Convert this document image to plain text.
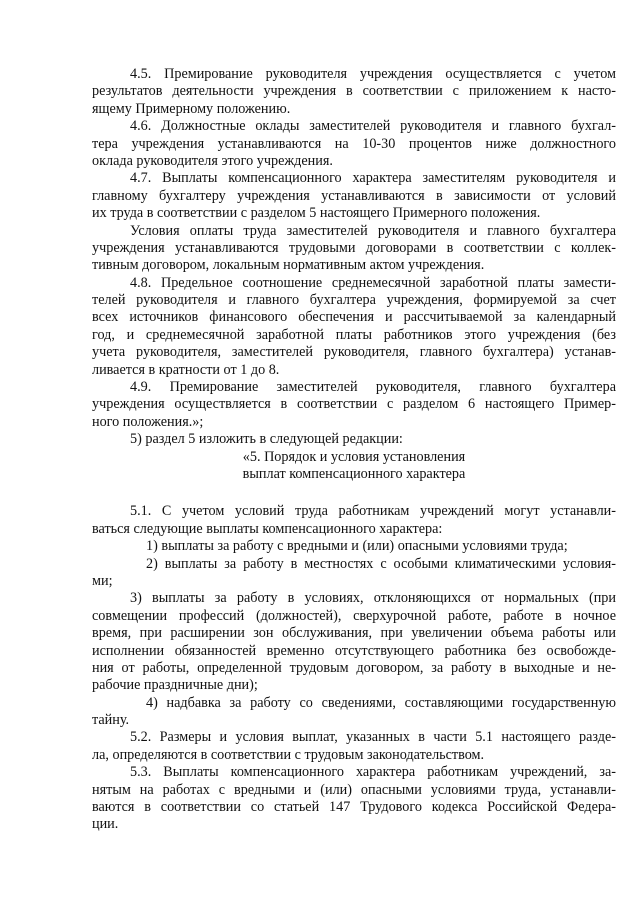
4.5. Премирование руководителя учреждения осуществляется с учетом
результатов деятельности учреждения в соответствии с приложением к насто-
ящему Примерному положению.
4.6. Должностные оклады заместителей руководителя и главного бухгал-
тера учреждения устанавливаются на 10-30 процентов ниже должностного
оклада руководителя этого учреждения.
4.7. Выплаты компенсационного характера заместителям руководителя и
главному бухгалтеру учреждения устанавливаются в зависимости от условий
их труда в соответствии с разделом 5 настоящего Примерного положения.
Условия оплаты труда заместителей руководителя и главного бухгалтера
учреждения устанавливаются трудовыми договорами в соответствии с коллек-
тивным договором, локальным нормативным актом учреждения.
4.8. Предельное соотношение среднемесячной заработной платы замести-
телей руководителя и главного бухгалтера учреждения, формируемой за счет
всех источников финансового обеспечения и рассчитываемой за календарный
год, и среднемесячной заработной платы работников этого учреждения (без
учета руководителя, заместителей руководителя, главного бухгалтера) устанав-
ливается в кратности от 1 до 8.
4.9. Премирование заместителей руководителя, главного бухгалтера
учреждения осуществляется в соответствии с разделом 6 настоящего Пример-
ного положения.»;
5) раздел 5 изложить в следующей редакции:
«5. Порядок и условия установления
выплат компенсационного характера
5.1. С учетом условий труда работникам учреждений могут устанавли-
ваться следующие выплаты компенсационного характера:
1) выплаты за работу с вредными и (или) опасными условиями труда;
2) выплаты за работу в местностях с особыми климатическими условия-
ми;
3) выплаты за работу в условиях, отклоняющихся от нормальных (при
совмещении профессий (должностей), сверхурочной работе, работе в ночное
время, при расширении зон обслуживания, при увеличении объема работы или
исполнении обязанностей временно отсутствующего работника без освобожде-
ния от работы, определенной трудовым договором, за работу в выходные и не-
рабочие праздничные дни);
4) надбавка за работу со сведениями, составляющими государственную
тайну.
5.2. Размеры и условия выплат, указанных в части 5.1 настоящего разде-
ла, определяются в соответствии с трудовым законодательством.
5.3. Выплаты компенсационного характера работникам учреждений, за-
нятым на работах с вредными и (или) опасными условиями труда, устанавли-
ваются в соответствии со статьей 147 Трудового кодекса Российской Федера-
ции.
